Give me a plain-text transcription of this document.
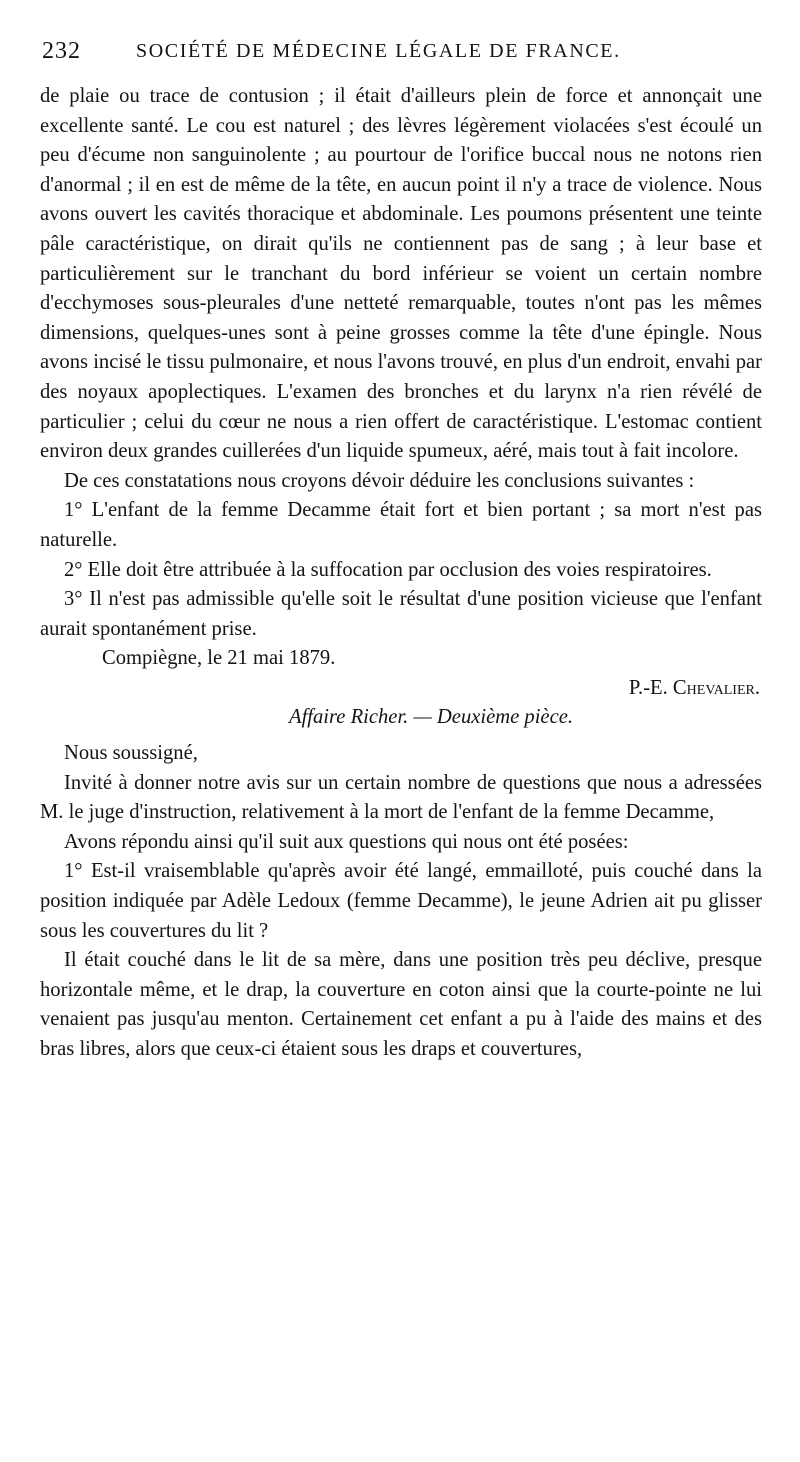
232	SOCIÉTÉ DE MÉDECINE LÉGALE DE FRANCE.

de plaie ou trace de contusion ; il était d'ailleurs plein de force et annonçait une excellente santé. Le cou est naturel ; des lèvres légèrement violacées s'est écoulé un peu d'écume non sanguinolente ; au pourtour de l'orifice buccal nous ne notons rien d'anormal ; il en est de même de la tête, en aucun point il n'y a trace de violence. Nous avons ouvert les cavités thoracique et abdominale. Les poumons présentent une teinte pâle caractéristique, on dirait qu'ils ne contiennent pas de sang ; à leur base et particulièrement sur le tranchant du bord inférieur se voient un certain nombre d'ecchymoses sous-pleurales d'une netteté remarquable, toutes n'ont pas les mêmes dimensions, quelques-unes sont à peine grosses comme la tête d'une épingle. Nous avons incisé le tissu pulmonaire, et nous l'avons trouvé, en plus d'un endroit, envahi par des noyaux apoplectiques. L'examen des bronches et du larynx n'a rien révélé de particulier ; celui du cœur ne nous a rien offert de caractéristique. L'estomac contient environ deux grandes cuillerées d'un liquide spumeux, aéré, mais tout à fait incolore.

De ces constatations nous croyons dévoir déduire les conclusions suivantes :

1° L'enfant de la femme Decamme était fort et bien portant ; sa mort n'est pas naturelle.

2° Elle doit être attribuée à la suffocation par occlusion des voies respiratoires.

3° Il n'est pas admissible qu'elle soit le résultat d'une position vicieuse que l'enfant aurait spontanément prise.

Compiègne, le 21 mai 1879.

P.-E. Chevalier.

Affaire Richer. — Deuxième pièce.

Nous soussigné,

Invité à donner notre avis sur un certain nombre de questions que nous a adressées M. le juge d'instruction, relativement à la mort de l'enfant de la femme Decamme,

Avons répondu ainsi qu'il suit aux questions qui nous ont été posées:

1° Est-il vraisemblable qu'après avoir été langé, emmailloté, puis couché dans la position indiquée par Adèle Ledoux (femme Decamme), le jeune Adrien ait pu glisser sous les couvertures du lit ?

Il était couché dans le lit de sa mère, dans une position très peu déclive, presque horizontale même, et le drap, la couverture en coton ainsi que la courte-pointe ne lui venaient pas jusqu'au menton. Certainement cet enfant a pu à l'aide des mains et des bras libres, alors que ceux-ci étaient sous les draps et couvertures,
